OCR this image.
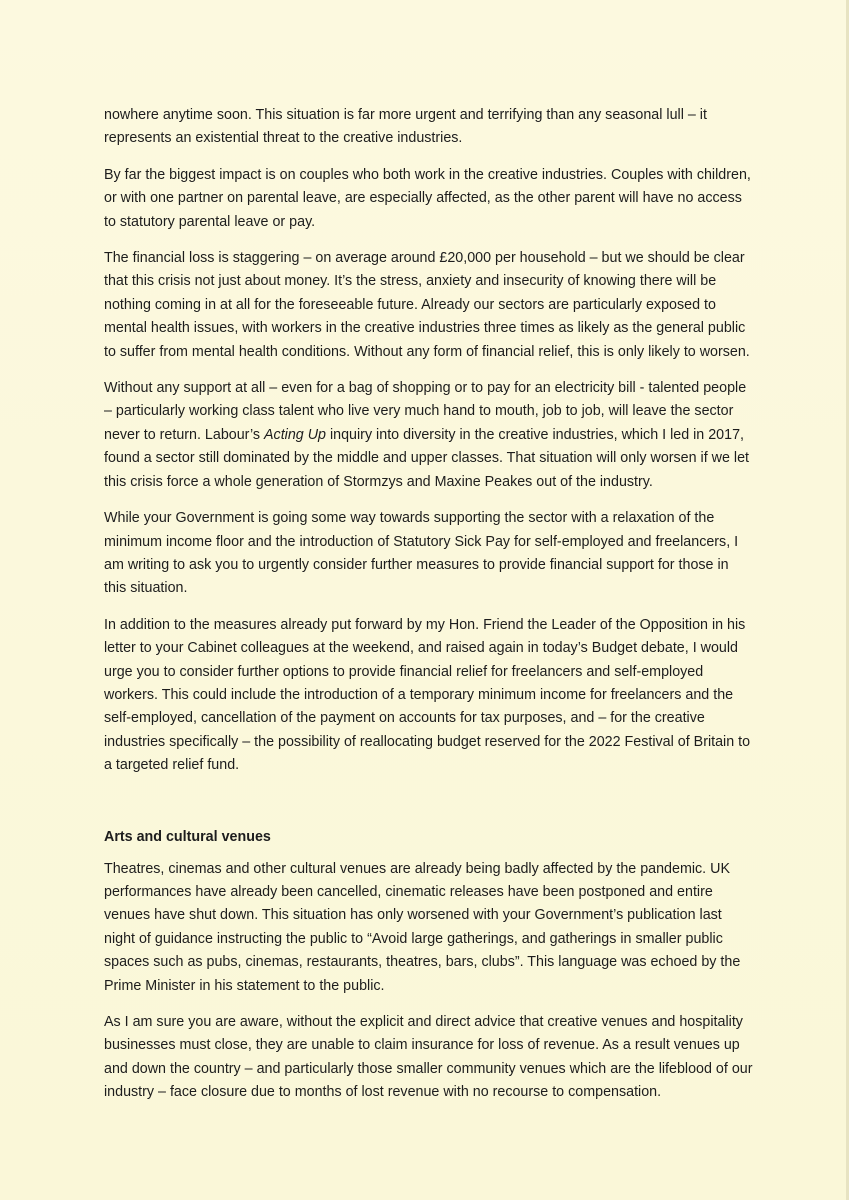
nowhere anytime soon. This situation is far more urgent and terrifying than any seasonal lull – it represents an existential threat to the creative industries.

By far the biggest impact is on couples who both work in the creative industries. Couples with children, or with one partner on parental leave, are especially affected, as the other parent will have no access to statutory parental leave or pay.

The financial loss is staggering – on average around £20,000 per household – but we should be clear that this crisis not just about money. It’s the stress, anxiety and insecurity of knowing there will be nothing coming in at all for the foreseeable future. Already our sectors are particularly exposed to mental health issues, with workers in the creative industries three times as likely as the general public to suffer from mental health conditions. Without any form of financial relief, this is only likely to worsen.

Without any support at all – even for a bag of shopping or to pay for an electricity bill - talented people – particularly working class talent who live very much hand to mouth, job to job, will leave the sector never to return. Labour’s Acting Up inquiry into diversity in the creative industries, which I led in 2017, found a sector still dominated by the middle and upper classes. That situation will only worsen if we let this crisis force a whole generation of Stormzys and Maxine Peakes out of the industry.

While your Government is going some way towards supporting the sector with a relaxation of the minimum income floor and the introduction of Statutory Sick Pay for self-employed and freelancers, I am writing to ask you to urgently consider further measures to provide financial support for those in this situation.

In addition to the measures already put forward by my Hon. Friend the Leader of the Opposition in his letter to your Cabinet colleagues at the weekend, and raised again in today’s Budget debate, I would urge you to consider further options to provide financial relief for freelancers and self-employed workers. This could include the introduction of a temporary minimum income for freelancers and the self-employed, cancellation of the payment on accounts for tax purposes, and – for the creative industries specifically – the possibility of reallocating budget reserved for the 2022 Festival of Britain to a targeted relief fund.

Arts and cultural venues

Theatres, cinemas and other cultural venues are already being badly affected by the pandemic. UK performances have already been cancelled, cinematic releases have been postponed and entire venues have shut down. This situation has only worsened with your Government’s publication last night of guidance instructing the public to “Avoid large gatherings, and gatherings in smaller public spaces such as pubs, cinemas, restaurants, theatres, bars, clubs”. This language was echoed by the Prime Minister in his statement to the public.

As I am sure you are aware, without the explicit and direct advice that creative venues and hospitality businesses must close, they are unable to claim insurance for loss of revenue. As a result venues up and down the country – and particularly those smaller community venues which are the lifeblood of our industry – face closure due to months of lost revenue with no recourse to compensation.
